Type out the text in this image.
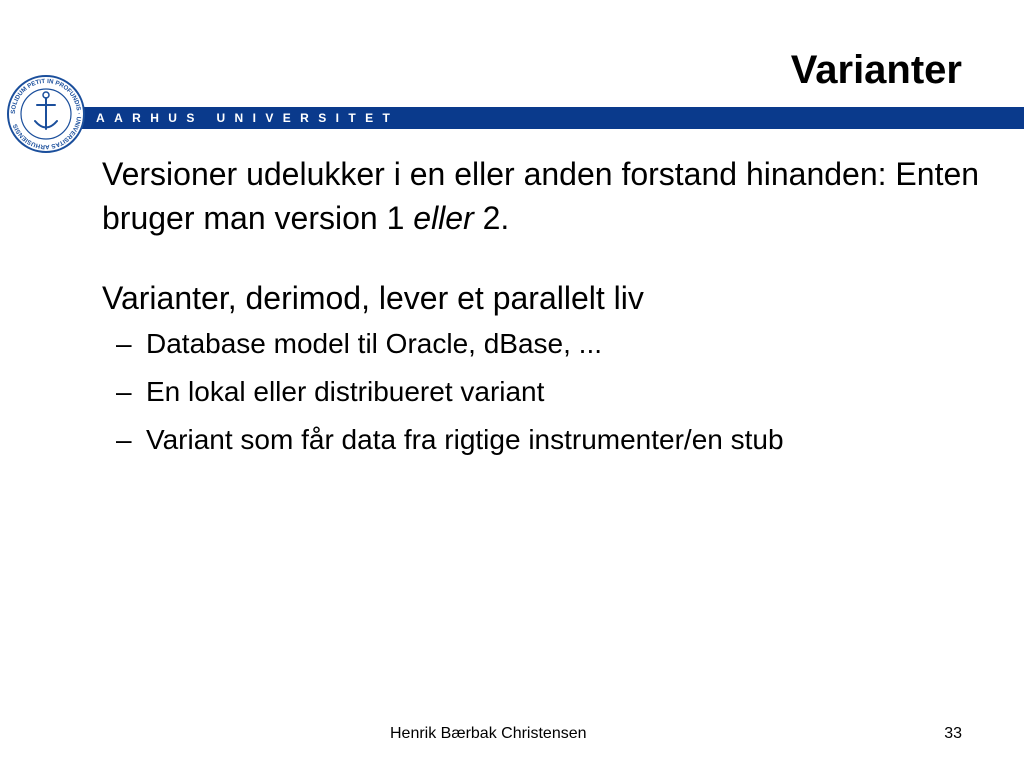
Varianter
AARHUS UNIVERSITET
SOLIDUM PETIT IN PROFUNDIS · UNIVERSITAS ARHUSIENSIS

Versioner udelukker i en eller anden forstand hinanden: Enten bruger man version 1 eller 2.

Varianter, derimod, lever et parallelt liv

– Database model til Oracle, dBase, ...
– En lokal eller distribueret variant
– Variant som får data fra rigtige instrumenter/en stub
Henrik Bærbak Christensen	33
